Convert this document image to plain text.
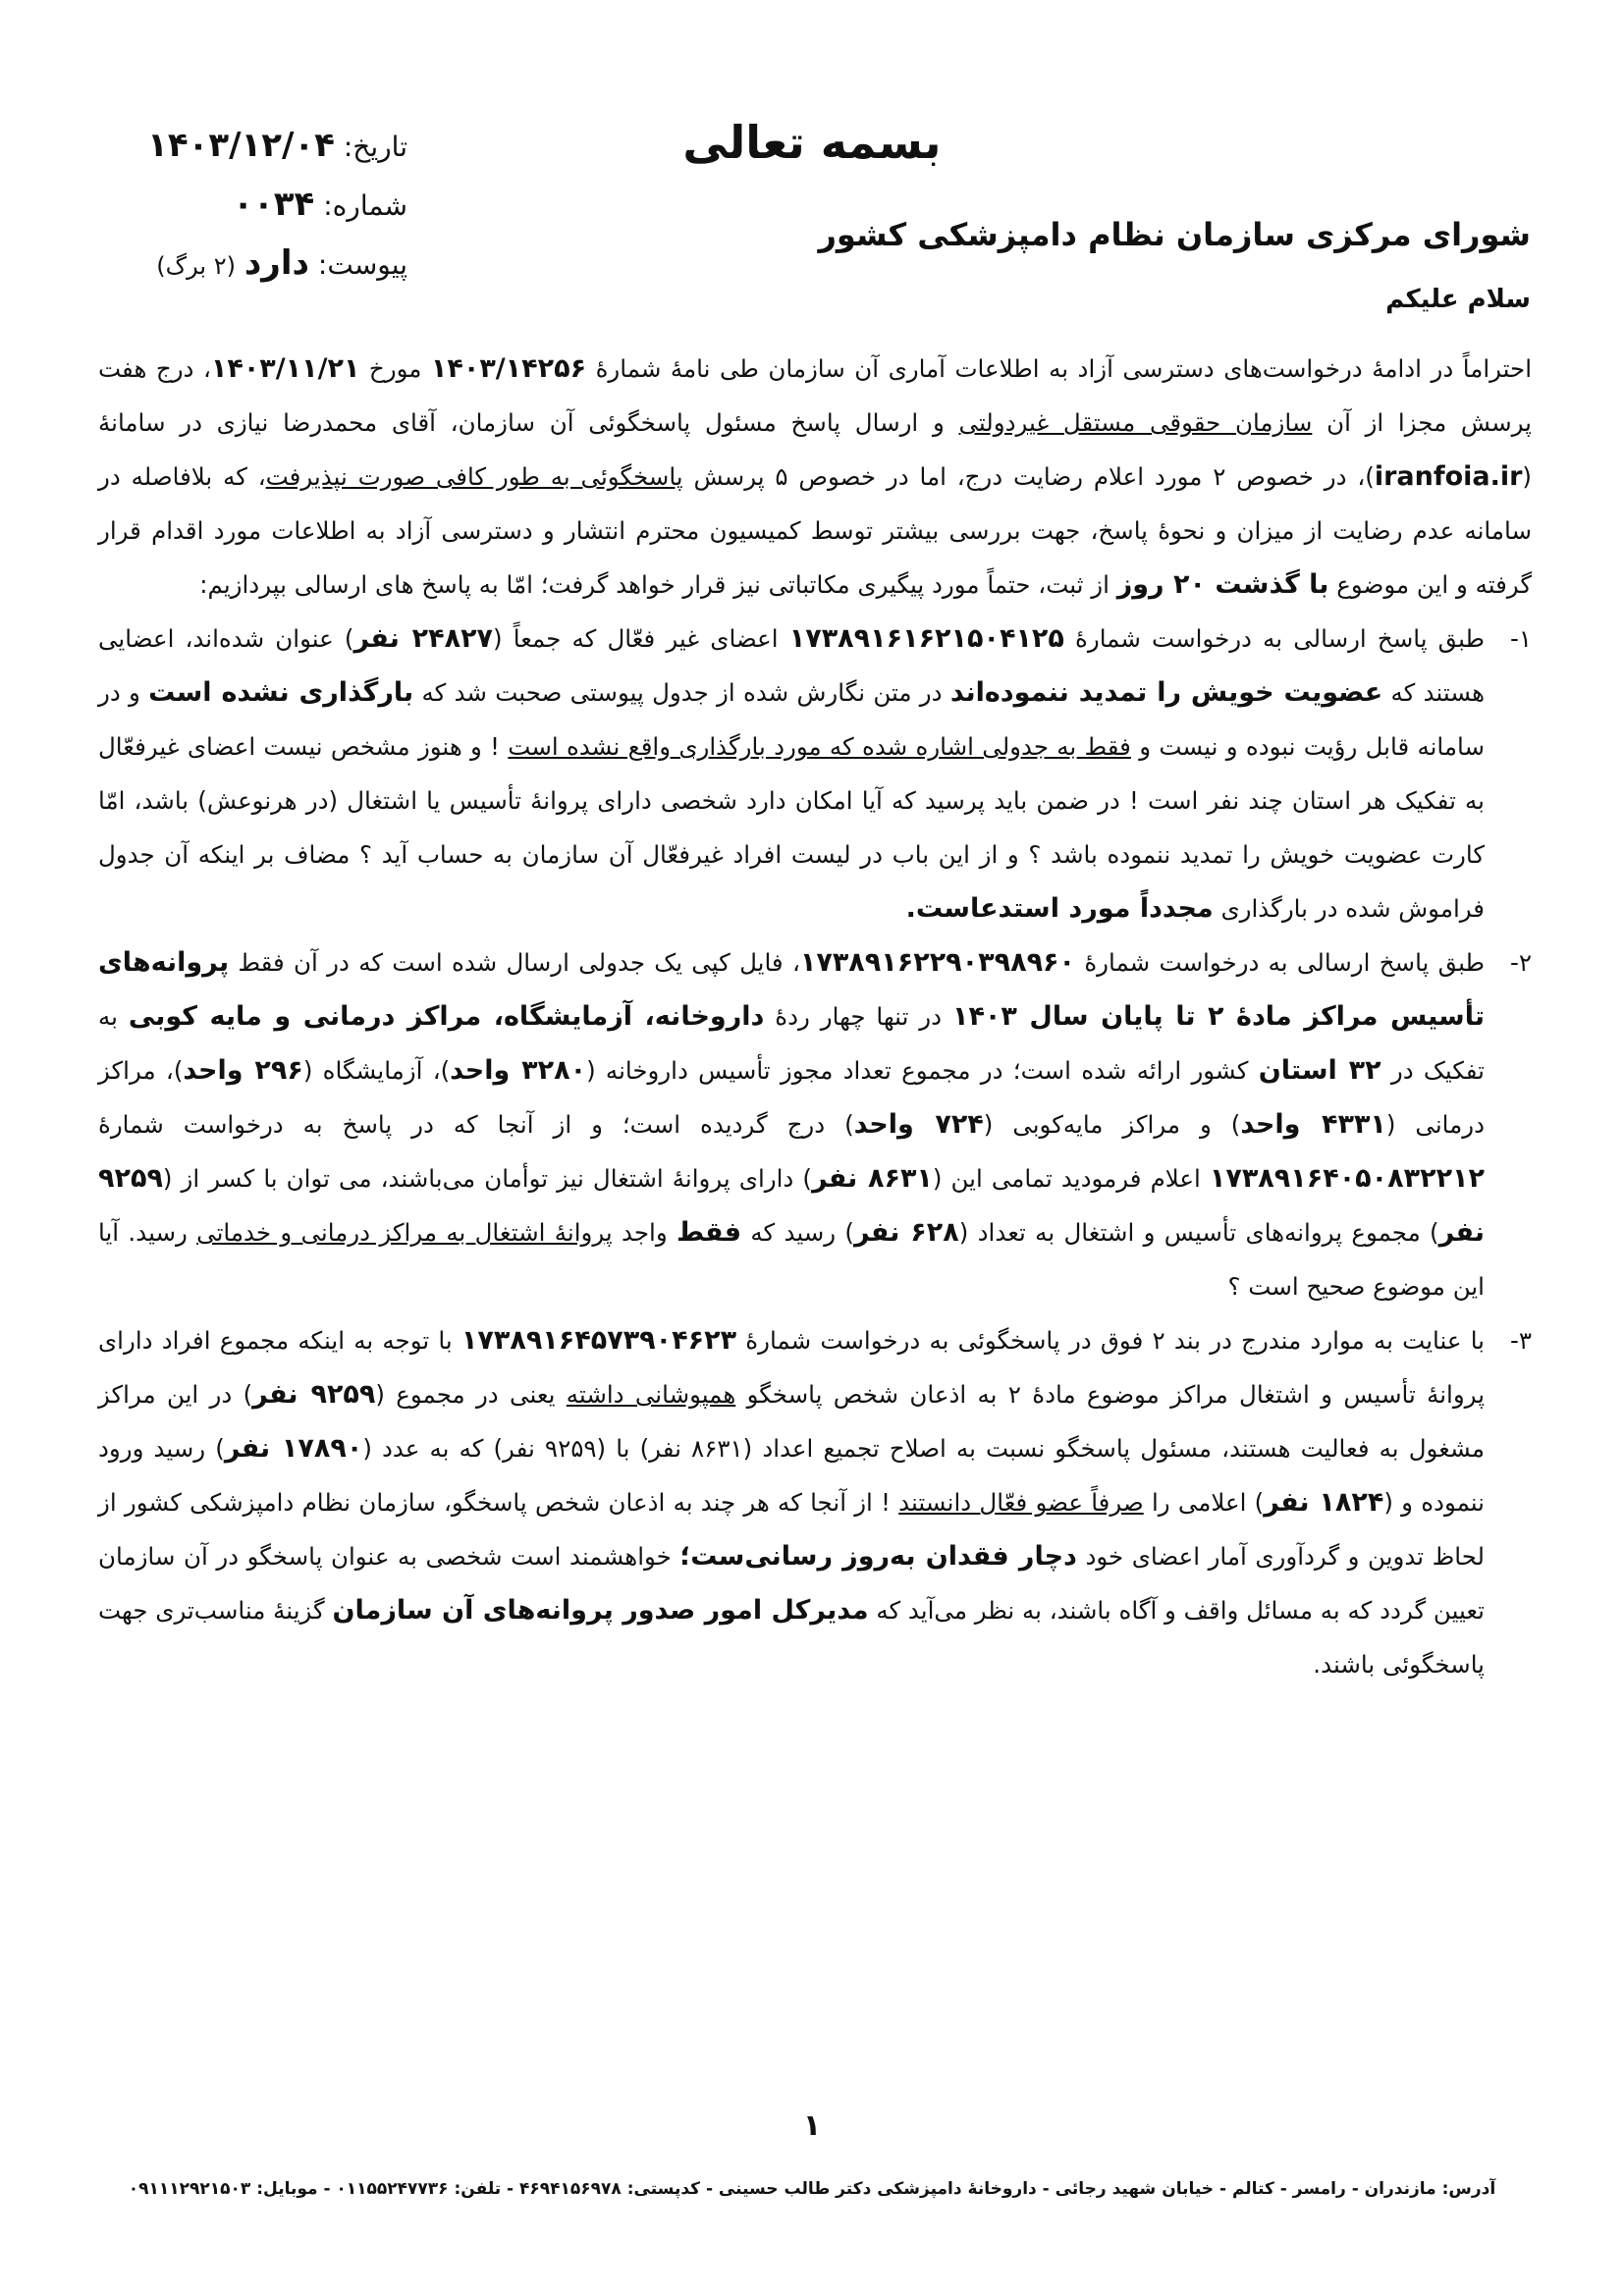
بسمه تعالی
تاریخ: ۱۴۰۳/۱۲/۰۴
شماره: ۰۰۳۴
پیوست: دارد (۲ برگ)
شورای مرکزی سازمان نظام دامپزشکی کشور
سلام علیکم

احتراماً در ادامهٔ درخواست‌های دسترسی آزاد به اطلاعات آماری آن سازمان طی نامهٔ شمارهٔ ۱۴۰۳/۱۴۲۵۶ مورخ ۱۴۰۳/۱۱/۲۱، درج هفت پرسش مجزا از آن سازمان حقوقی مستقل غیردولتی و ارسال پاسخ مسئول پاسخگوئی آن سازمان، آقای محمدرضا نیازی در سامانهٔ (iranfoia.ir)، در خصوص ۲ مورد اعلام رضایت درج، اما در خصوص ۵ پرسش پاسخگوئی به طور کافی صورت نپذیرفت، که بلافاصله در سامانه عدم رضایت از میزان و نحوهٔ پاسخ، جهت بررسی بیشتر توسط کمیسیون محترم انتشار و دسترسی آزاد به اطلاعات مورد اقدام قرار گرفته و این موضوع با گذشت ۲۰ روز از ثبت، حتماً مورد پیگیری مکاتباتی نیز قرار خواهد گرفت؛ امّا به پاسخ های ارسالی بپردازیم:

۱-
طبق پاسخ ارسالی به درخواست شمارهٔ ۱۷۳۸۹۱۶۱۶۲۱۵۰۴۱۲۵ اعضای غیر فعّال که جمعاً (۲۴۸۲۷ نفر) عنوان شده‌اند، اعضایی هستند که عضویت خویش را تمدید ننموده‌اند در متن نگارش شده از جدول پیوستی صحبت شد که بارگذاری نشده است و در سامانه قابل رؤیت نبوده و نیست و فقط به جدولی اشاره شده که مورد بارگذاری واقع نشده است ! و هنوز مشخص نیست اعضای غیرفعّال به تفکیک هر استان چند نفر است ! در ضمن باید پرسید که آیا امکان دارد شخصی دارای پروانهٔ تأسیس یا اشتغال (در هرنوعش) باشد، امّا کارت عضویت خویش را تمدید ننموده باشد ؟ و از این باب در لیست افراد غیرفعّال آن سازمان به حساب آید ؟ مضاف بر اینکه آن جدول فراموش شده در بارگذاری مجدداً مورد استدعاست.
۲-
طبق پاسخ ارسالی به درخواست شمارهٔ ۱۷۳۸۹۱۶۲۲۹۰۳۹۸۹۶۰، فایل کپی یک جدولی ارسال شده است که در آن فقط پروانه‌های تأسیس مراکز مادهٔ ۲ تا پایان سال ۱۴۰۳ در تنها چهار ردهٔ داروخانه، آزمایشگاه، مراکز درمانی و مایه کوبی به تفکیک در ۳۲ استان کشور ارائه شده است؛ در مجموع تعداد مجوز تأسیس داروخانه (۳۲۸۰ واحد)، آزمایشگاه (۲۹۶ واحد)، مراکز درمانی (۴۳۳۱ واحد) و مراکز مایه‌کوبی (۷۲۴ واحد) درج گردیده است؛ و از آنجا که در پاسخ به درخواست شمارهٔ ۱۷۳۸۹۱۶۴۰۵۰۸۳۲۲۱۲ اعلام فرمودید تمامی این (۸۶۳۱ نفر) دارای پروانهٔ اشتغال نیز توأمان می‌باشند، می توان با کسر از (۹۲۵۹ نفر) مجموع پروانه‌های تأسیس و اشتغال به تعداد (۶۲۸ نفر) رسید که فقط واجد پروانهٔ اشتغال به مراکز درمانی و خدماتی رسید. آیا این موضوع صحیح است ؟
۳-
با عنایت به موارد مندرج در بند ۲ فوق در پاسخگوئی به درخواست شمارهٔ ۱۷۳۸۹۱۶۴۵۷۳۹۰۴۶۲۳ با توجه به اینکه مجموع افراد دارای پروانهٔ تأسیس و اشتغال مراکز موضوع مادهٔ ۲ به اذعان شخص پاسخگو همپوشانی داشته یعنی در مجموع (۹۲۵۹ نفر) در این مراکز مشغول به فعالیت هستند، مسئول پاسخگو نسبت به اصلاح تجمیع اعداد (۸۶۳۱ نفر) با (۹۲۵۹ نفر) که به عدد (۱۷۸۹۰ نفر) رسید ورود ننموده و (۱۸۲۴ نفر) اعلامی را صرفاً عضو فعّال دانستند ! از آنجا که هر چند به اذعان شخص پاسخگو، سازمان نظام دامپزشکی کشور از لحاظ تدوین و گردآوری آمار اعضای خود دچار فقدان به‌روز رسانی‌ست؛ خواهشمند است شخصی به عنوان پاسخگو در آن سازمان تعیین گردد که به مسائل واقف و آگاه باشند، به نظر می‌آید که مدیرکل امور صدور پروانه‌های آن سازمان گزینهٔ مناسب‌تری جهت پاسخگوئی باشند.
۱
آدرس: مازندران - رامسر - کتالم - خیابان شهید رجائی - داروخانهٔ دامپزشکی دکتر طالب حسینی - کدپستی: ۴۶۹۴۱۵۶۹۷۸ - تلفن: ۰۱۱۵۵۲۴۷۷۳۶ - موبایل: ۰۹۱۱۱۲۹۲۱۵۰۳
